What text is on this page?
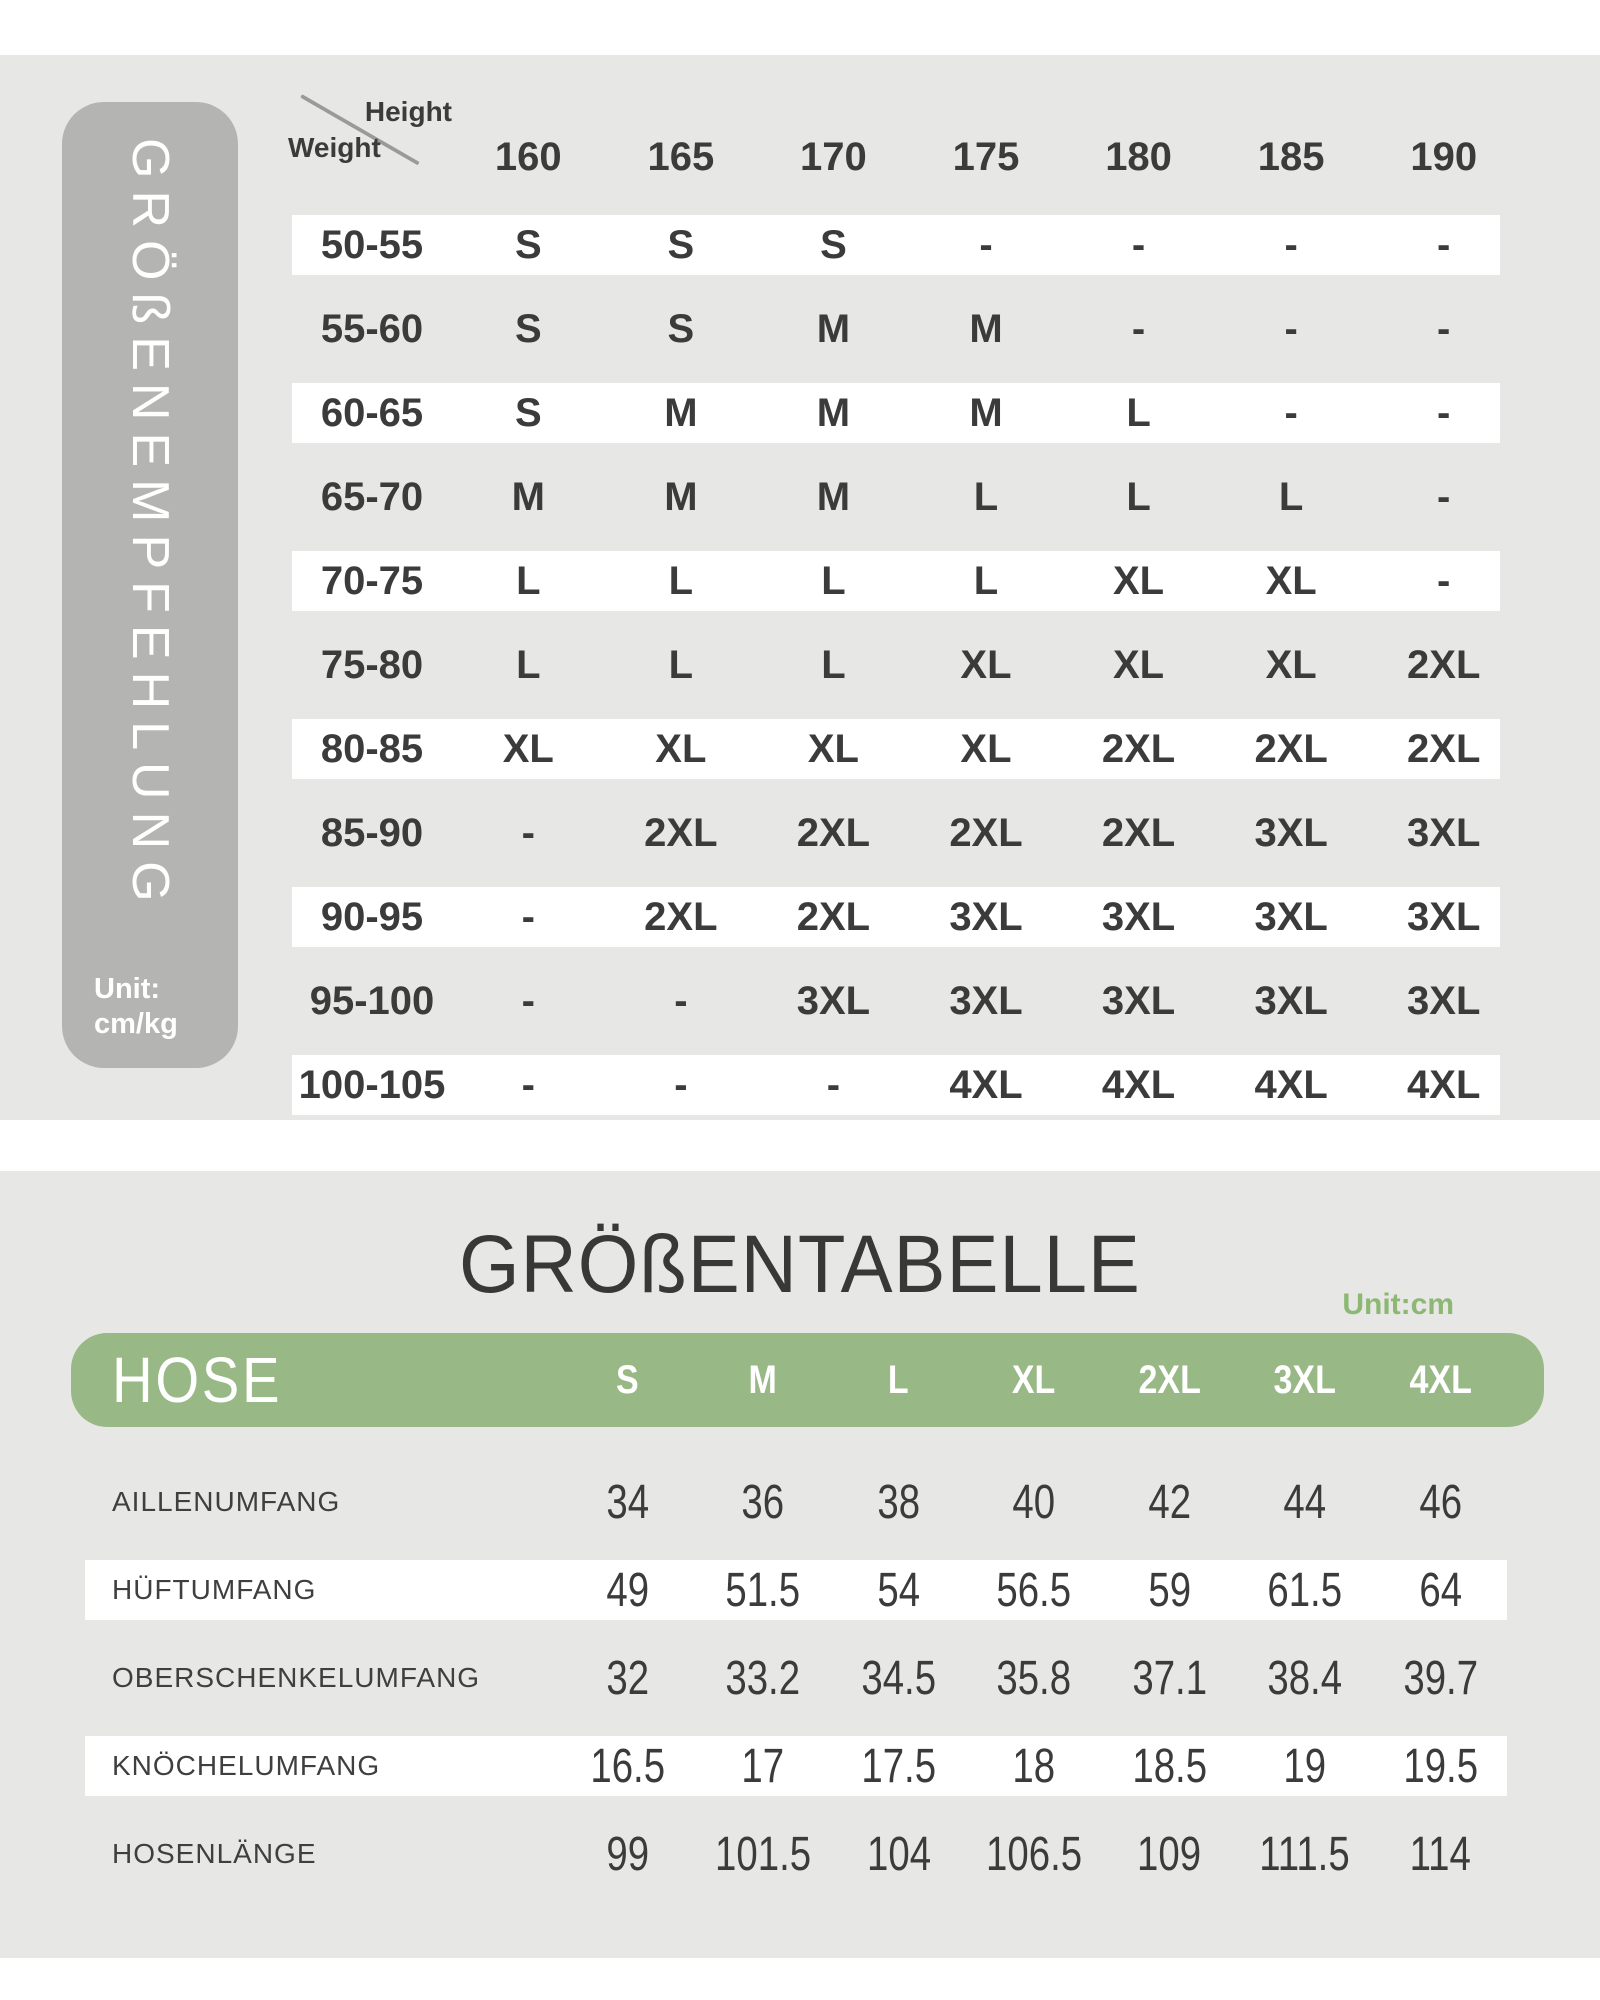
GRÖßENEMPFEHLUNG
Unit:
cm/kg
Height
Weight	160	165	170	175	180	185	190
50-55	S	S	S	-	-	-	-
55-60	S	S	M	M	-	-	-
60-65	S	M	M	M	L	-	-
65-70	M	M	M	L	L	L	-
70-75	L	L	L	L	XL	XL	-
75-80	L	L	L	XL	XL	XL	2XL
80-85	XL	XL	XL	XL	2XL	2XL	2XL
85-90	-	2XL	2XL	2XL	2XL	3XL	3XL
90-95	-	2XL	2XL	3XL	3XL	3XL	3XL
95-100	-	-	3XL	3XL	3XL	3XL	3XL
100-105	-	-	-	4XL	4XL	4XL	4XL
GRÖßENTABELLE	Unit:cm
HOSE	S	M	L	XL	2XL	3XL	4XL
AILLENUMFANG	34	36	38	40	42	44	46
HÜFTUMFANG	49	51.5	54	56.5	59	61.5	64
OBERSCHENKELUMFANG	32	33.2	34.5	35.8	37.1	38.4	39.7
KNÖCHELUMFANG	16.5	17	17.5	18	18.5	19	19.5
HOSENLÄNGE	99	101.5	104	106.5	109	111.5	114
